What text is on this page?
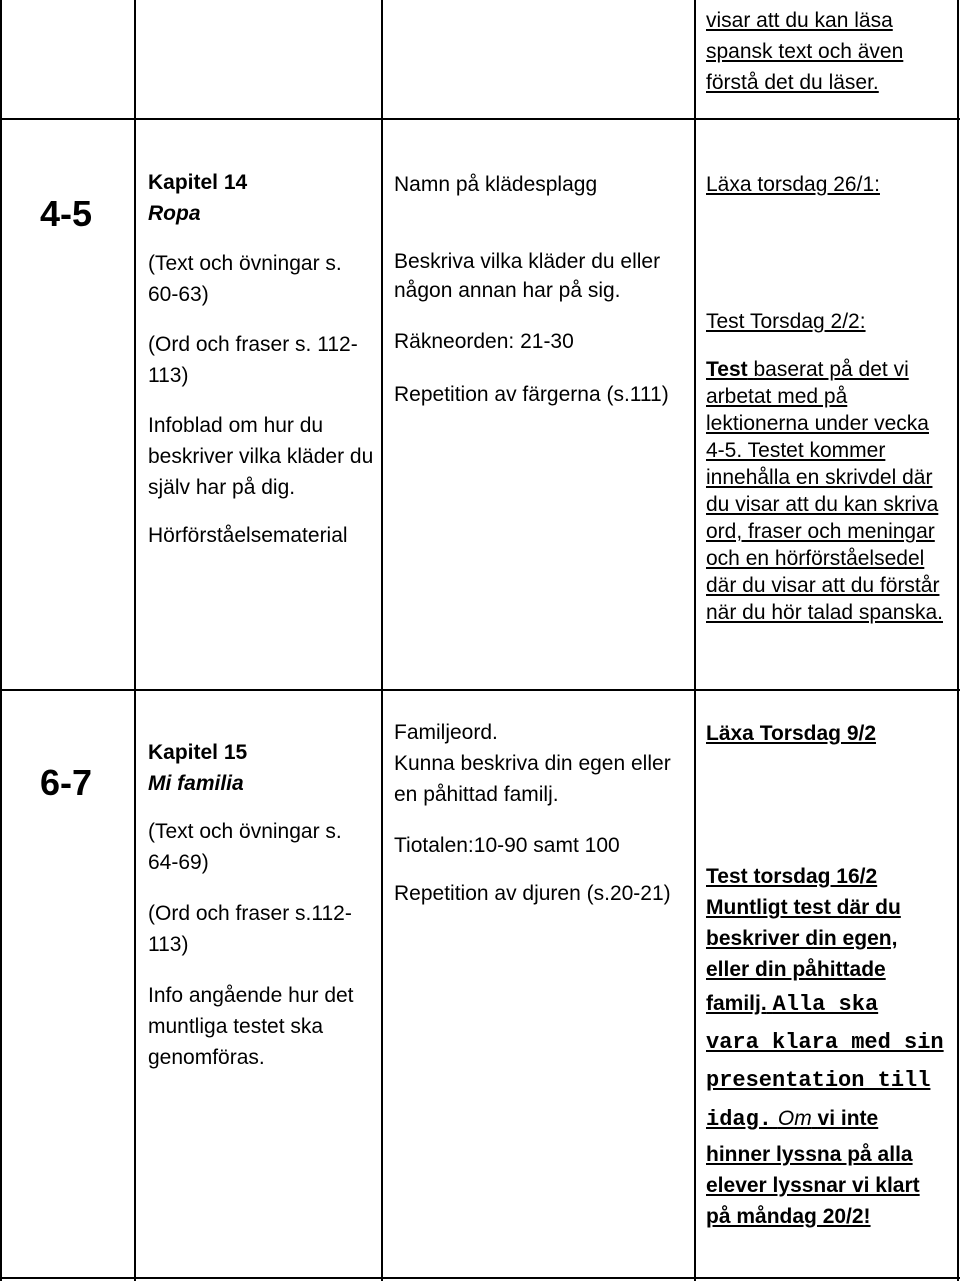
visar att du kan läsa

spansk text och även

förstå det du läser.

4-5

Kapitel 14

Ropa

(Text och övningar s. 60-63)

(Ord och fraser s. 112-113)

Infoblad om hur du beskriver vilka kläder du själv har på dig.

Hörförståelsematerial

Namn på klädesplagg

Beskriva vilka kläder du eller någon annan har på sig.

Räkneorden: 21-30

Repetition av färgerna (s.111)

Läxa torsdag 26/1:

Test Torsdag 2/2:

Test baserat på det vi arbetat med på lektionerna under vecka 4-5. Testet kommer innehålla en skrivdel där du visar att du kan skriva ord, fraser och meningar och en hörförståelsedel där du visar att du förstår när du hör talad spanska.

6-7

Kapitel 15

Mi familia

(Text och övningar s. 64-69)

(Ord och fraser s.112-113)

Info angående hur det muntliga testet ska genomföras.

Familjeord.

Kunna beskriva din egen eller en påhittad familj.

Tiotalen:10-90 samt 100

Repetition av djuren (s.20-21)

Läxa Torsdag 9/2

Test torsdag 16/2

Muntligt test där du

beskriver din egen,

eller din påhittade

familj. Alla ska

vara klara med sin

presentation till

idag. Om vi inte

hinner lyssna på alla

elever lyssnar vi klart

på måndag 20/2!
